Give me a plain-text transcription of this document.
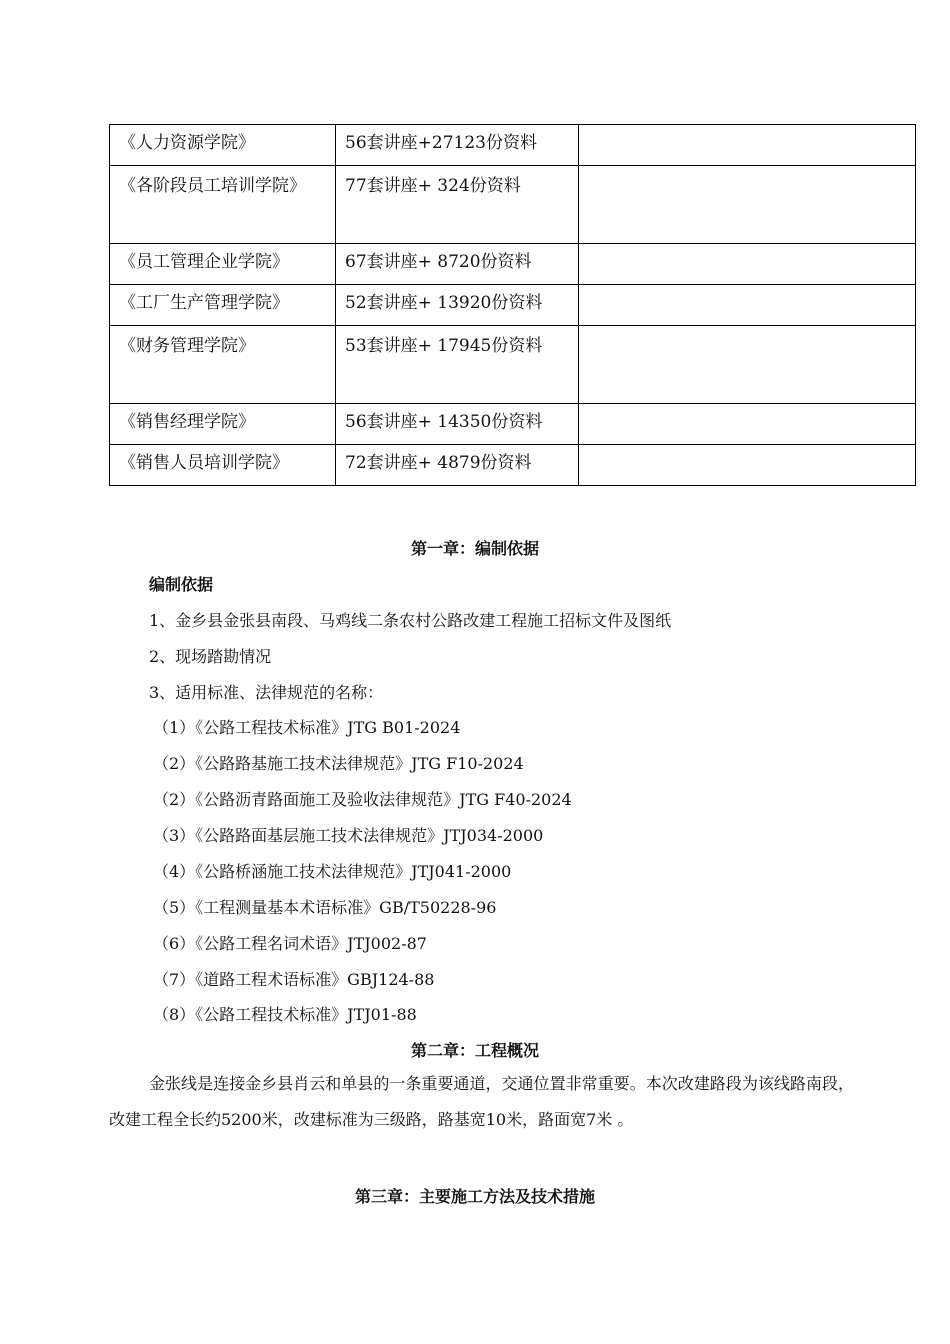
《人力资源学院》	56套讲座+27123份资料	
《各阶段员工培训学院》	77套讲座+ 324份资料	
《员工管理企业学院》	67套讲座+ 8720份资料	
《工厂生产管理学院》	52套讲座+ 13920份资料	
《财务管理学院》	53套讲座+ 17945份资料	
《销售经理学院》	56套讲座+ 14350份资料	
《销售人员培训学院》	72套讲座+ 4879份资料	
第一章：编制依据
编制依据
1、金乡县金张县南段、马鸡线二条农村公路改建工程施工招标文件及图纸
2、现场踏勘情况
3、适用标准、法律规范的名称：
（1）《公路工程技术标准》JTG B01-2024
（2）《公路路基施工技术法律规范》JTG F10-2024
（2）《公路沥青路面施工及验收法律规范》JTG F40-2024
（3）《公路路面基层施工技术法律规范》JTJ034-2000
（4）《公路桥涵施工技术法律规范》JTJ041-2000
（5）《工程测量基本术语标准》GB/T50228-96
（6）《公路工程名词术语》JTJ002-87
（7）《道路工程术语标准》GBJ124-88
（8）《公路工程技术标准》JTJ01-88
第二章：工程概况
金张线是连接金乡县肖云和单县的一条重要通道，交通位置非常重要。本次改建路段为该线路南段，改建工程全长约5200米，改建标准为三级路，路基宽10米，路面宽7米 。
第三章：主要施工方法及技术措施
